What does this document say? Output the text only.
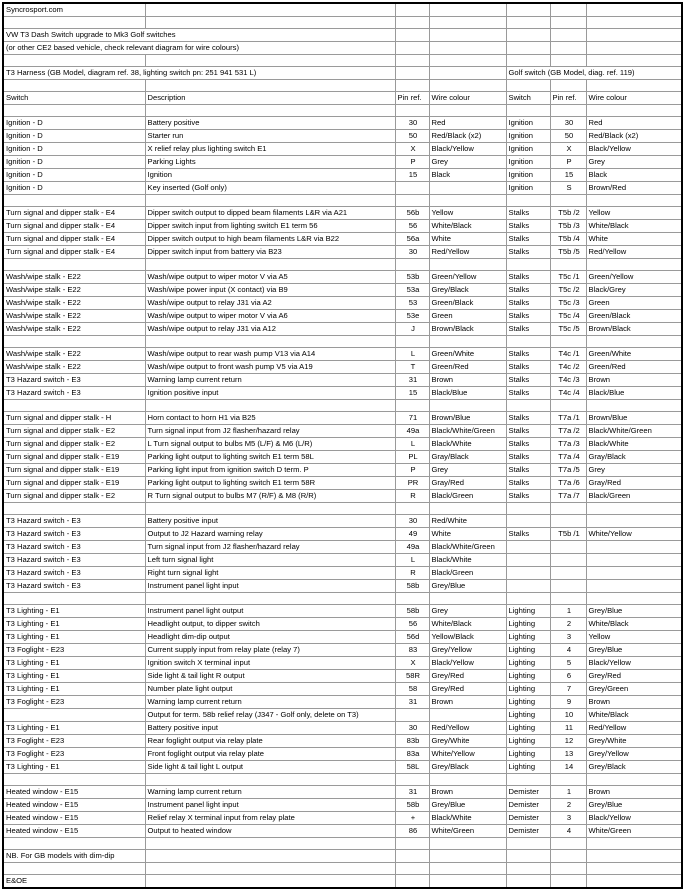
Syncrosport.com						

VW T3 Dash Switch upgrade to Mk3 Golf switches						
(or other CE2 based vehicle, check relevant diagram for wire colours)						

T3 Harness (GB Model, diagram ref. 38, lighting switch pn: 251 941 531 L)				Golf switch (GB Model, diag. ref. 119)		

Switch	Description	Pin ref.	Wire colour	Switch	Pin ref.	Wire colour

Ignition - D	Battery positive	30	Red	Ignition	30	Red
Ignition - D	Starter run	50	Red/Black (x2)	Ignition	50	Red/Black (x2)
Ignition - D	X relief relay plus lighting switch E1	X	Black/Yellow	Ignition	X	Black/Yellow
Ignition - D	Parking Lights	P	Grey	Ignition	P	Grey
Ignition - D	Ignition	15	Black	Ignition	15	Black
Ignition - D	Key inserted (Golf only)			Ignition	S	Brown/Red

Turn signal and dipper stalk - E4	Dipper switch output to dipped beam filaments L&R via A21	56b	Yellow	Stalks	T5b /2	Yellow
Turn signal and dipper stalk - E4	Dipper switch input from lighting switch E1 term 56	56	White/Black	Stalks	T5b /3	White/Black
Turn signal and dipper stalk - E4	Dipper switch output to high beam filaments L&R via B22	56a	White	Stalks	T5b /4	White
Turn signal and dipper stalk - E4	Dipper switch input from battery via B23	30	Red/Yellow	Stalks	T5b /5	Red/Yellow

Wash/wipe stalk - E22	Wash/wipe output to wiper motor V via A5	53b	Green/Yellow	Stalks	T5c /1	Green/Yellow
Wash/wipe stalk - E22	Wash/wipe power input (X contact) via B9	53a	Grey/Black	Stalks	T5c /2	Black/Grey
Wash/wipe stalk - E22	Wash/wipe output to relay J31 via A2	53	Green/Black	Stalks	T5c /3	Green
Wash/wipe stalk - E22	Wash/wipe output to wiper motor V via A6	53e	Green	Stalks	T5c /4	Green/Black
Wash/wipe stalk - E22	Wash/wipe output to relay J31 via A12	J	Brown/Black	Stalks	T5c /5	Brown/Black

Wash/wipe stalk - E22	Wash/wipe output to rear wash pump V13 via A14	L	Green/White	Stalks	T4c /1	Green/White
Wash/wipe stalk - E22	Wash/wipe output to front wash pump V5 via A19	T	Green/Red	Stalks	T4c /2	Green/Red
T3 Hazard switch - E3	Warning lamp current return	31	Brown	Stalks	T4c /3	Brown
T3 Hazard switch - E3	Ignition positive input	15	Black/Blue	Stalks	T4c /4	Black/Blue

Turn signal and dipper stalk - H	Horn contact to horn H1 via B25	71	Brown/Blue	Stalks	T7a /1	Brown/Blue
Turn signal and dipper stalk - E2	Turn signal input from J2 flasher/hazard relay	49a	Black/White/Green	Stalks	T7a /2	Black/White/Green
Turn signal and dipper stalk - E2	L Turn signal output to bulbs M5 (L/F) & M6 (L/R)	L	Black/White	Stalks	T7a /3	Black/White
Turn signal and dipper stalk - E19	Parking light output to lighting switch E1 term 58L	PL	Gray/Black	Stalks	T7a /4	Gray/Black
Turn signal and dipper stalk - E19	Parking light input from ignition switch D term. P	P	Grey	Stalks	T7a /5	Grey
Turn signal and dipper stalk - E19	Parking light output to lighting switch E1 term 58R	PR	Gray/Red	Stalks	T7a /6	Gray/Red
Turn signal and dipper stalk - E2	R Turn signal output to bulbs M7 (R/F) & M8 (R/R)	R	Black/Green	Stalks	T7a /7	Black/Green

T3 Hazard switch - E3	Battery positive input	30	Red/White			
T3 Hazard switch - E3	Output to J2 Hazard warning relay	49	White	Stalks	T5b /1	White/Yellow
T3 Hazard switch - E3	Turn signal input from J2 flasher/hazard relay	49a	Black/White/Green			
T3 Hazard switch - E3	Left turn signal light	L	Black/White			
T3 Hazard switch - E3	Right turn signal light	R	Black/Green			
T3 Hazard switch - E3	Instrument panel light input	58b	Grey/Blue			

T3 Lighting - E1	Instrument panel light output	58b	Grey	Lighting	1	Grey/Blue
T3 Lighting - E1	Headlight output, to dipper switch	56	White/Black	Lighting	2	White/Black
T3 Lighting - E1	Headlight dim-dip output	56d	Yellow/Black	Lighting	3	Yellow
T3 Foglight - E23	Current supply input from relay plate (relay 7)	83	Grey/Yellow	Lighting	4	Grey/Blue
T3 Lighting - E1	Ignition switch X terminal input	X	Black/Yellow	Lighting	5	Black/Yellow
T3 Lighting - E1	Side light & tail light R output	58R	Grey/Red	Lighting	6	Grey/Red
T3 Lighting - E1	Number plate light output	58	Grey/Red	Lighting	7	Grey/Green
T3 Foglight - E23	Warning lamp current return	31	Brown	Lighting	9	Brown
	Output for term. 58b relief relay (J347 - Golf only, delete on T3)			Lighting	10	White/Black
T3 Lighting - E1	Battery positive input	30	Red/Yellow	Lighting	11	Red/Yellow
T3 Foglight - E23	Rear foglight output via relay plate	83b	Grey/White	Lighting	12	Grey/White
T3 Foglight - E23	Front foglight output via relay plate	83a	White/Yellow	Lighting	13	Grey/Yellow
T3 Lighting - E1	Side light & tail light L output	58L	Grey/Black	Lighting	14	Grey/Black

Heated window - E15	Warning lamp current return	31	Brown	Demister	1	Brown
Heated window - E15	Instrument panel light input	58b	Grey/Blue	Demister	2	Grey/Blue
Heated window - E15	Relief relay X terminal input from relay plate	+	Black/White	Demister	3	Black/Yellow
Heated window - E15	Output to heated window	86	White/Green	Demister	4	White/Green

NB. For GB models with dim-dip						

E&OE						
